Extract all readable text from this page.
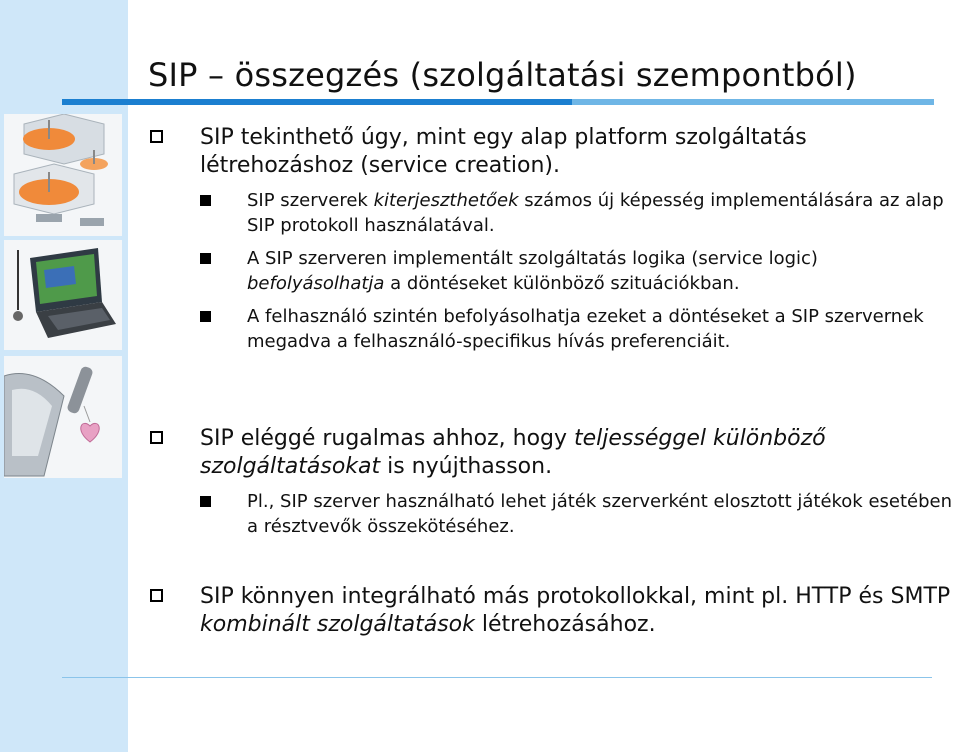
SIP – összegzés (szolgáltatási szempontból)
SIP tekinthető úgy, mint egy alap platform szolgáltatás létrehozáshoz (service creation).
SIP szerverek kiterjeszthetőek számos új képesség implementálására az alap SIP protokoll használatával.
A SIP szerveren implementált szolgáltatás logika (service logic) befolyásolhatja a döntéseket különböző szituációkban.
A felhasználó szintén befolyásolhatja ezeket a döntéseket a SIP szervernek megadva a felhasználó-specifikus hívás preferenciáit.
SIP eléggé rugalmas ahhoz, hogy teljességgel különböző szolgáltatásokat is nyújthasson.
Pl., SIP szerver használható lehet játék szerverként elosztott játékok esetében a résztvevők összekötéséhez.
SIP könnyen integrálható más protokollokkal, mint pl. HTTP és SMTP kombinált szolgáltatások létrehozásához.
